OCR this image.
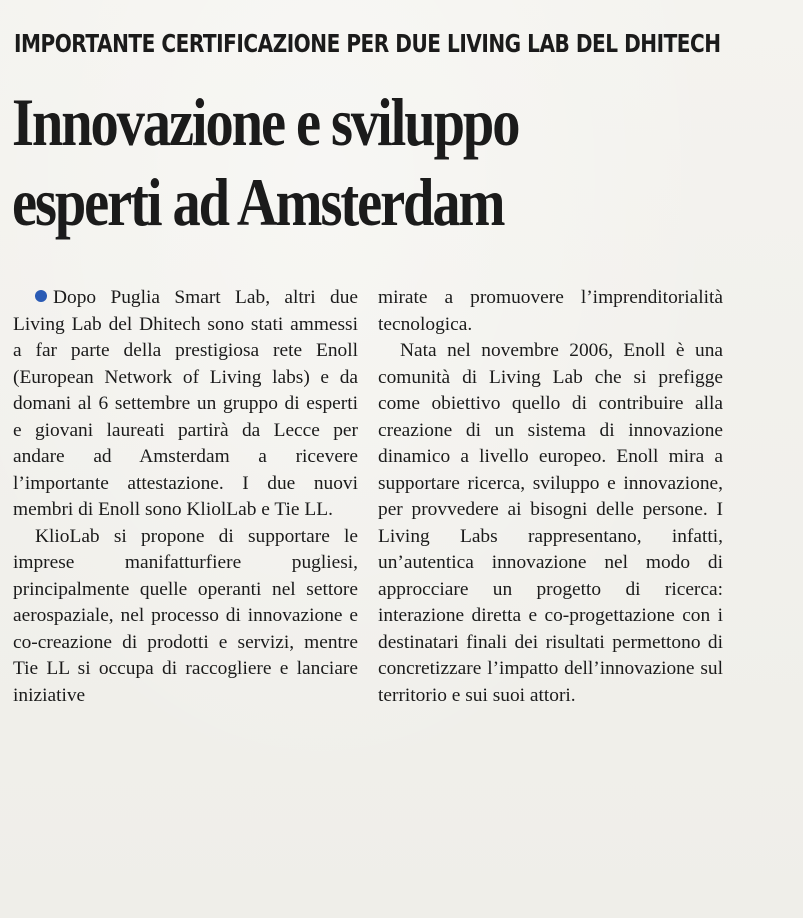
IMPORTANTE CERTIFICAZIONE PER DUE LIVING LAB DEL DHITECH
Innovazione e sviluppo
esperti ad Amsterdam

Dopo Puglia Smart Lab, altri due Living Lab del Dhitech sono stati ammessi a far parte della prestigiosa rete Enoll (European Network of Living labs) e da domani al 6 settembre un gruppo di esperti e giovani laureati partirà da Lecce per andare ad Amsterdam a ricevere l’importante attestazione. I due nuovi membri di Enoll sono KliolLab e Tie LL.

KlioLab si propone di supportare le imprese manifatturfiere pugliesi, principalmente quelle operanti nel settore aerospaziale, nel processo di innovazione e co-creazione di prodotti e servizi, mentre Tie LL si occupa di raccogliere e lanciare iniziative

mirate a promuovere l’imprenditorialità tecnologica.

Nata nel novembre 2006, Enoll è una comunità di Living Lab che si prefigge come obiettivo quello di contribuire alla creazione di un sistema di innovazione dinamico a livello europeo. Enoll mira a supportare ricerca, sviluppo e innovazione, per provvedere ai bisogni delle persone. I Living Labs rappresentano, infatti, un’autentica innovazione nel modo di approcciare un progetto di ricerca: interazione diretta e co-progettazione con i destinatari finali dei risultati permettono di concretizzare l’impatto dell’innovazione sul territorio e sui suoi attori.
